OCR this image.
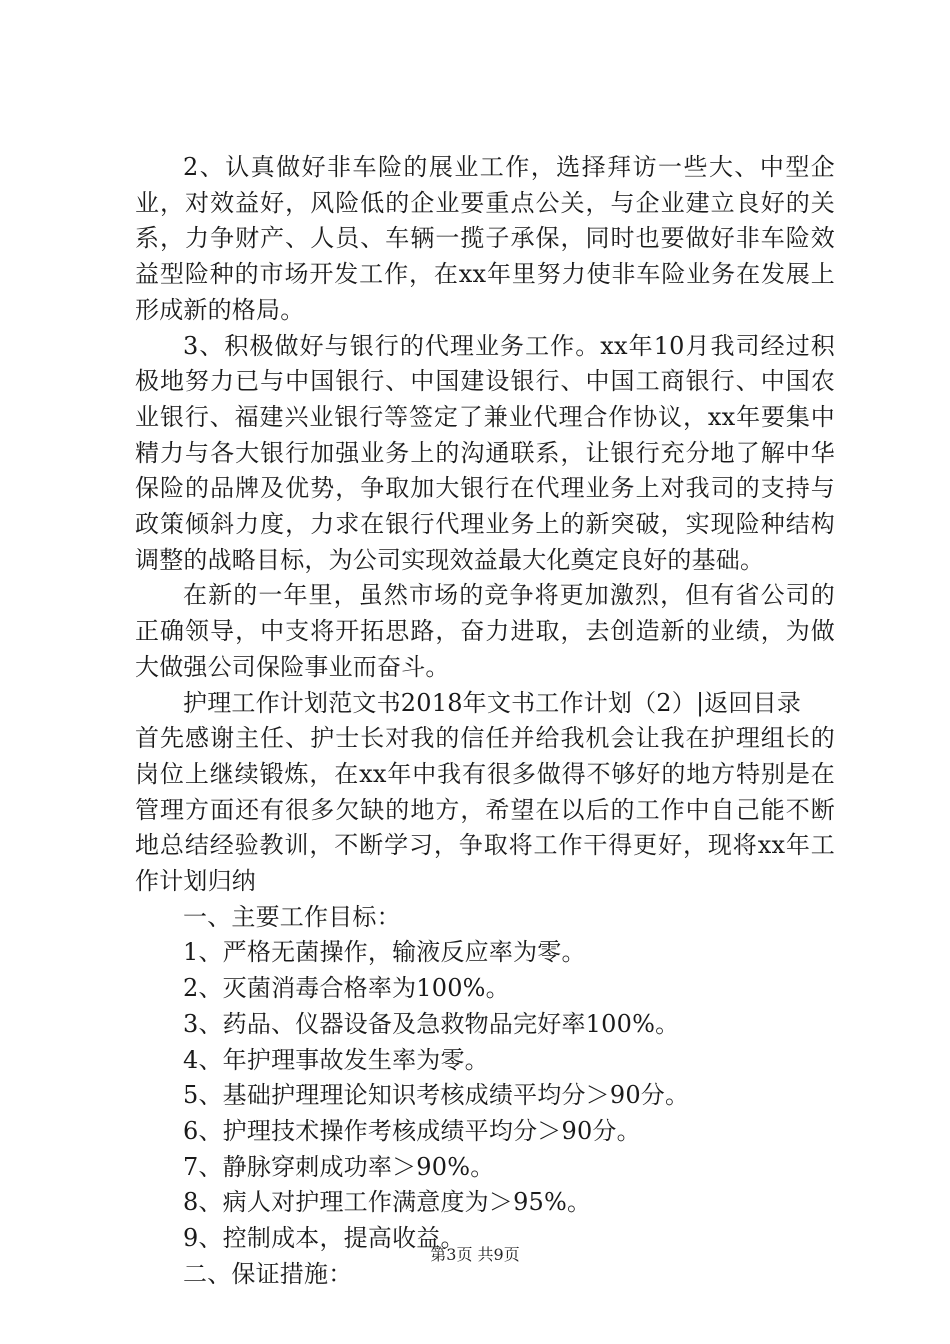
2、认真做好非车险的展业工作，选择拜访一些大、中型企业，对效益好，风险低的企业要重点公关，与企业建立良好的关系，力争财产、人员、车辆一揽子承保，同时也要做好非车险效益型险种的市场开发工作，在xx年里努力使非车险业务在发展上形成新的格局。

3、积极做好与银行的代理业务工作。xx年10月我司经过积极地努力已与中国银行、中国建设银行、中国工商银行、中国农业银行、福建兴业银行等签定了兼业代理合作协议，xx年要集中精力与各大银行加强业务上的沟通联系，让银行充分地了解中华保险的品牌及优势，争取加大银行在代理业务上对我司的支持与政策倾斜力度，力求在银行代理业务上的新突破，实现险种结构调整的战略目标，为公司实现效益最大化奠定良好的基础。

在新的一年里，虽然市场的竞争将更加激烈，但有省公司的正确领导，中支将开拓思路，奋力进取，去创造新的业绩，为做大做强公司保险事业而奋斗。

护理工作计划范文书2018年文书工作计划（2）|返回目录

首先感谢主任、护士长对我的信任并给我机会让我在护理组长的岗位上继续锻炼，在xx年中我有很多做得不够好的地方特别是在管理方面还有很多欠缺的地方，希望在以后的工作中自己能不断地总结经验教训，不断学习，争取将工作干得更好，现将xx年工作计划归纳

一、主要工作目标：

1、严格无菌操作，输液反应率为零。

2、灭菌消毒合格率为100%。

3、药品、仪器设备及急救物品完好率100%。

4、年护理事故发生率为零。

5、基础护理理论知识考核成绩平均分＞90分。

6、护理技术操作考核成绩平均分＞90分。

7、静脉穿刺成功率＞90%。

8、病人对护理工作满意度为＞95%。

9、控制成本，提高收益。

二、保证措施：

第3页 共9页
